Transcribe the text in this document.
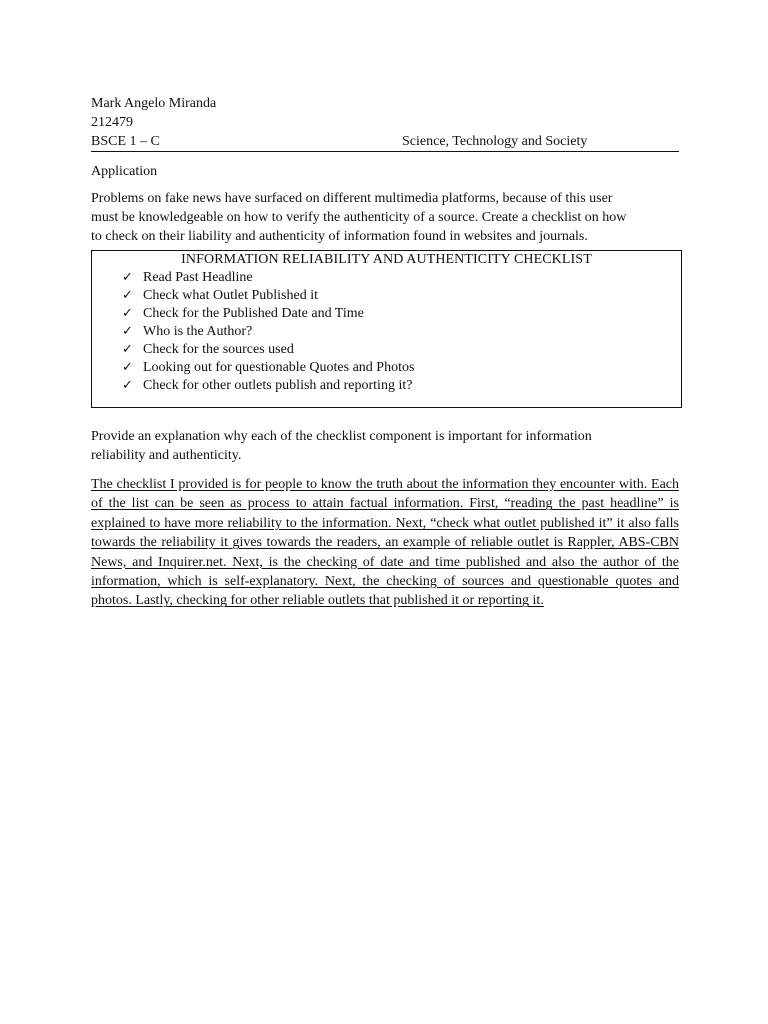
Mark Angelo Miranda
212479
BSCE 1 – C	Science, Technology and Society
Application
Problems on fake news have surfaced on different multimedia platforms, because of this user
must be knowledgeable on how to verify the authenticity of a source. Create a checklist on how
to check on their liability and authenticity of information found in websites and journals.
INFORMATION RELIABILITY AND AUTHENTICITY CHECKLIST
✓ Read Past Headline
✓ Check what Outlet Published it
✓ Check for the Published Date and Time
✓ Who is the Author?
✓ Check for the sources used
✓ Looking out for questionable Quotes and Photos
✓ Check for other outlets publish and reporting it?
Provide an explanation why each of the checklist component is important for information
reliability and authenticity.
The checklist I provided is for people to know the truth about the information they encounter with. Each of the list can be seen as process to attain factual information. First, “reading the past headline” is explained to have more reliability to the information. Next, “check what outlet published it” it also falls towards the reliability it gives towards the readers, an example of reliable outlet is Rappler, ABS-CBN News, and Inquirer.net. Next, is the checking of date and time published and also the author of the information, which is self-explanatory. Next, the checking of sources and questionable quotes and photos. Lastly, checking for other reliable outlets that published it or reporting it.
